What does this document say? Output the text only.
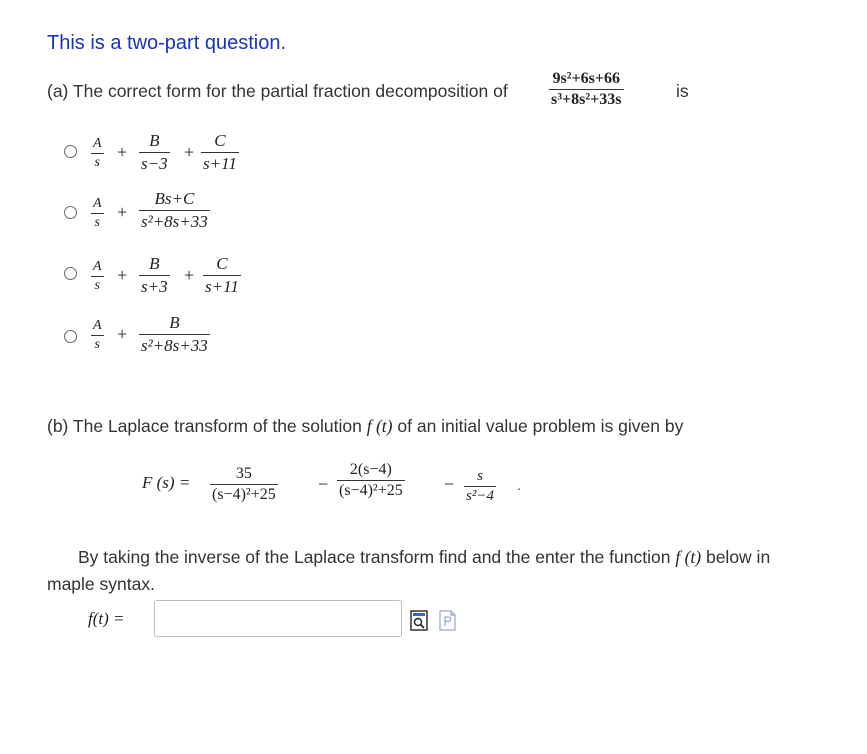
This is a two-part question.
(a) The correct form for the partial fraction decomposition of	$\frac{\text{9s²+6s+66}}{\text{s³+8s²+33s}}$	is
$\frac{A}{s} + \frac{B}{s-3} + \frac{C}{s+11}$
$\frac{A}{s} + \frac{Bs+C}{\text{s²+8s+33}}$
$\frac{A}{s} + \frac{B}{s+3} + \frac{C}{s+11}$
$\frac{A}{s} + \frac{B}{\text{s²+8s+33}}$
(b) The Laplace transform of the solution f (t) of an initial value problem is given by
F $(s) = \frac{35}{\text{(s−4)²+25}} - \frac{2(s-4)}{\text{(s−4)²+25}} - \frac{s}{\text{s²−4}}$ .
By taking the inverse of the Laplace transform find and the enter the function f (t) below in maple syntax.
f(t) =
